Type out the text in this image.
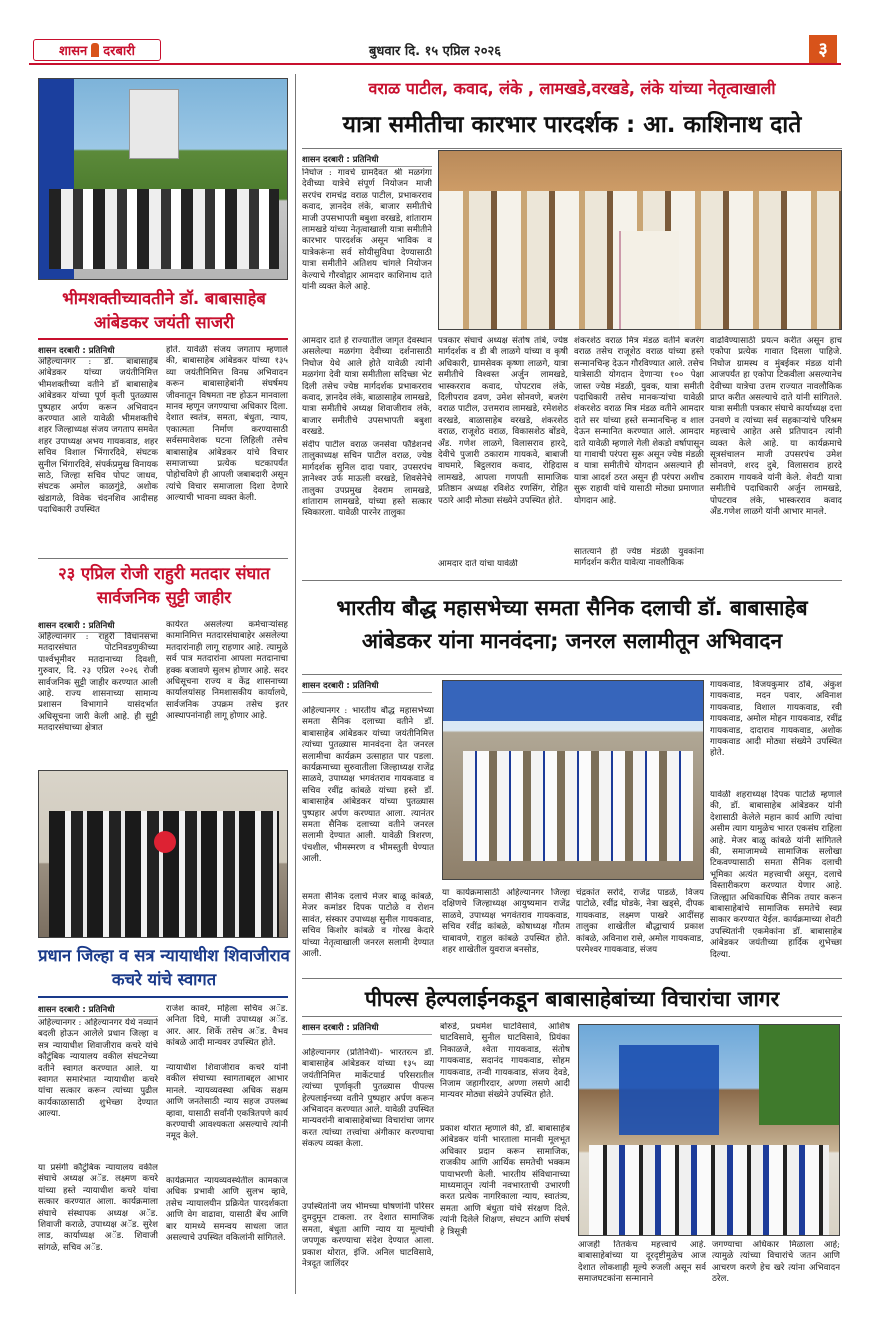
शासन दरबारी	बुधवार दि. १५ एप्रिल २०२६	३
भीमशक्तीच्यावतीने डॉ. बाबासाहेब आंबेडकर जयंती साजरी
शासन दरबारी : प्रतिनिधी
अहिल्यानगर : डॉ. बाबासाहेब आंबेडकर यांच्या जयंतीनिमित्त भीमशक्तीच्या वतीने डॉ बाबासाहेब आंबेडकर यांच्या पूर्ण कृती पुतळ्यास पुष्पहार अर्पण करून अभिवादन करण्यात आले यावेळी भीमशक्तीचे शहर जिल्हाध्यक्ष संजय जगताप समवेत शहर उपाध्यक्ष अभय गायकवाड, शहर सचिव विशाल भिंगारदिवे, संघटक सुनील भिंगारदिवे, संपर्कप्रमुख विनायक साठे, जिल्हा सचिव पोपट जाधव, संघटक अमोल काळगुंडे, अशोक खंडागळे, विवेक चंदनशिव आदीसह पदाधिकारी उपस्थित
होते. यावेळी संजय जगताप म्हणाले की, बाबासाहेब आंबेडकर यांच्या १३५ व्या जयंतीनिमित्त विनम्र अभिवादन करून बाबासाहेबांनी संघर्षमय जीवनातून विषमता नष्ट होऊन मानवाला मानव म्हणून जगण्याचा अधिकार दिला. देशात स्वतंत्र, समता, बंधुता, न्याय, एकात्मता निर्माण करण्यासाठी सर्वसमावेशक घटना लिहिली तसेच बाबासाहेब आंबेडकर यांचे विचार समाजाच्या प्रत्येक घटकापर्यंत पोहोचविणे ही आपली जबाबदारी असून त्यांचे विचार समाजाला दिशा देणारे आल्याची भावना व्यक्त केली.
२३ एप्रिल रोजी राहुरी मतदार संघात सार्वजनिक सुट्टी जाहीर
शासन दरबारी : प्रतिनिधी
अहिल्यानगर : राहुरी विधानसभा मतदारसंघात पोटनिवडणुकीच्या पार्श्वभूमीवर मतदानाच्या दिवशी, गुरुवार, दि. २३ एप्रिल २०२६ रोजी सार्वजनिक सुट्टी जाहीर करण्यात आली आहे. राज्य शासनाच्या सामान्य प्रशासन विभागाने यासंदर्भात अधिसूचना जारी केली आहे. ही सुट्टी मतदारसंघाच्या क्षेत्रात
कार्यरत असलेल्या कर्मचाऱ्यांसह कामानिमित्त मतदारसंघाबाहेर असलेल्या मतदारांनाही लागू राहणार आहे. त्यामुळे सर्व पात्र मतदारांना आपला मतदानाचा हक्क बजावणे सुलभ होणार आहे. सदर अधिसूचना राज्य व केंद्र शासनाच्या कार्यालयांसह निमशासकीय कार्यालये, सार्वजनिक उपक्रम तसेच इतर आस्थापनांनाही लागू होणार आहे.
प्रधान जिल्हा व सत्र न्यायाधीश शिवाजीराव कचरे यांचे स्वागत
शासन दरबारी : प्रतिनिधी
अहिल्यानगर : अहिल्यानगर येथे नव्याने बदली होऊन आलेले प्रधान जिल्हा व सत्र न्यायाधीश शिवाजीराव कचरे यांचे कौटुंबिक न्यायालय वकील संघटनेच्या वतीने स्वागत करण्यात आले. या स्वागत समारंभात न्यायाधीश कचरे यांचा सत्कार करून त्यांच्या पुढील कार्यकाळासाठी शुभेच्छा देण्यात आल्या.
या प्रसंगी कौटुंबिक न्यायालय वकील संघाचे अध्यक्ष अॅड. लक्ष्मण कचरे यांच्या हस्ते न्यायाधीश कचरे यांचा सत्कार करण्यात आला. कार्यक्रमाला संघाचे संस्थापक अध्यक्ष अॅड. शिवाजी कराळे, उपाध्यक्ष अॅड. सुरेश लाड, कार्याध्यक्ष अॅड. शिवाजी सांगळे, सचिव अॅड.
राजेश कावरे, महिला सचिव अॅड. अनिता दिघे, माजी उपाध्यक्ष अॅड. आर. आर. शिर्के तसेच अॅड. वैभव कांबळे आदी मान्यवर उपस्थित होते.
न्यायाधीश शिवाजीराव कचरे यांनी वकील संघाच्या स्वागताबद्दल आभार मानले. न्यायव्यवस्था अधिक सक्षम आणि जनतेसाठी न्याय सहज उपलब्ध व्हावा, यासाठी सर्वांनी एकत्रितपणे कार्य करण्याची आवश्यकता असल्याचे त्यांनी नमूद केले.
कार्यक्रमात न्यायव्यवस्थेतील कामकाज अधिक प्रभावी आणि सुलभ व्हावे, तसेच न्यायालयीन प्रक्रियेत पारदर्शकता आणि वेग वाढावा, यासाठी बेंच आणि बार यामध्ये समन्वय साधला जात असल्याचे उपस्थित वकिलांनी सांगितले.
वराळ पाटील, कवाद, लंके , लामखडे,वरखडे, लंके यांच्या नेतृत्वाखाली
यात्रा समीतीचा कारभार पारदर्शक : आ. काशिनाथ दाते
शासन दरबारी : प्रतिनिधी
निघोज : गावचे ग्रामदैवत श्री मळगंगा देवीच्या यात्रेचे संपूर्ण नियोजन माजी सरपंच रामचंद्र वराळ पाटील, प्रभाकरराव कवाद, ज्ञानदेव लंके, बाजार समीतीचे माजी उपसभापती बबुशा वरखडे, शांताराम लामखडे यांच्या नेतृत्वाखाली यात्रा समीतीने कारभार पारदर्शक असून भाविक व यात्रेकरूंना सर्व सोयीसुविधा देण्यासाठी यात्रा समीतीने अतिशय चांगले नियोजन केल्याचे गौरवोद्गार आमदार काशिनाथ दाते यांनी व्यक्त केले आहे.
आमदार दाते हे राज्यातील जागृत देवस्थान असलेल्या मळगंगा देवीच्या दर्शनासाठी निघोज येथे आले होते यावेळी त्यांनी मळगंगा देवी यात्रा समीतीला सदिच्छा भेट दिली तसेच ज्येष्ठ मार्गदर्शक प्रभाकरराव कवाद, ज्ञानदेव लंके, बाळासाहेब लामखडे, यात्रा समीतीचे अध्यक्ष शिवाजीराव लंके, बाजार समीतीचे उपसभापती बबुशा वरखडे.
संदीप पाटील वराळ जनसेवा फौंडेशनचे तालुकाध्यक्ष सचिन पाटील वराळ, ज्येष्ठ मार्गदर्शक सुनिल दादा पवार, उपसरपंच ज्ञानेश्वर उर्फ माऊली वरखडे, शिवसेनेचे तालुका उपप्रमुख देवराम लामखडे, शांताराम लामखडे, यांच्या हस्ते सत्कार स्विकारला. यावेळी पारनेर तालुका
पत्रकार संघाचे अध्यक्ष संतोष तांबे, ज्येष्ठ मार्गदर्शक व डी बी लाळगे यांच्या व कृषी अधिकारी, ग्रामसेवक कृष्णा लाळगे, यात्रा समीतीचे विश्वस्त अर्जुन लामखडे, भास्करराव कवाद, पोपटराव लंके, दिलीपराव ढवण, उमेश सोनवणे, बजरंग वराळ पाटील, उत्तमराव लामखडे, रमेशशेठ वरखडे, बाळासाहेब वरखडे, शंकरशेठ वराळ, राजूशेठ वराळ, विकासशेठ बोंडवे, अँड. गणेश लाळगे, विलासराव हारदे, देवीचे पुजारी ठकाराम गायकवे, बाबाजी वाघमारे, बिट्ठलराव कवाद, रोहिदास लामखडे, आपला गणपती सामाजिक प्रतिष्ठान अध्यक्ष रविशेठ रणसिंग, रोहित पठारे आदी मोठ्या संख्येने उपस्थित होते.
आमदार दाते यांचा यावेळी
शंकरशेठ वराळ मित्र मंडळ वतीने बजरंग वराळ तसेच राजूशेठ वराळ यांच्या हस्ते सन्मानचिन्ह देऊन गौरविण्यात आले. तसेच यात्रेसाठी योगदान देणाऱ्या १०० पेक्षा जास्त ज्येष्ठ मंडळी, युवक, यात्रा समीती पदाधिकारी तसेच मानकऱ्यांचा यावेळी शंकरशेठ वराळ मित्र मंडळ वतीने आमदार दाते सर यांच्या हस्ते सन्मानचिन्ह व शाल देऊन सन्मानित करण्यात आले. आमदार दाते यावेळी म्हणाले गेली शेकडो वर्षापासून या गावाची परंपरा सुरू असून ज्येष्ठ मंडळी व यात्रा समीतीचे योगदान असल्याने ही यात्रा आदर्श ठरत असून ही परंपरा अशीच सुरू राहावी यांचे यासाठी मोठ्या प्रमाणात योगदान आहे.
सातत्याने ही ज्येष्ठ मंडळी युवकांना मार्गदर्शन करीत यावेत्या नावलौकिक
वाढविण्यासाठी प्रयत्न करीत असून हाच एकोपा प्रत्येक गावात दिसला पाहिजे. निघोज ग्रामस्थ व मुंबईकर मंडळ यांनी आजपर्यंत हा एकोपा टिकवीला असल्यानेच देवीच्या यात्रेचा उत्तम राज्यात नावलौकिक प्राप्त करीत असल्याचे दाते यांनी सांगितले. यात्रा समीती पत्रकार संघाचे कार्याध्यक्ष दत्ता उनवणे व त्यांच्या सर्व सहकाऱ्यांचे परिश्रम महत्त्वाचे आहेत असे प्रतिपादन त्यांनी व्यक्त केले आहे. या कार्यक्रमाचे सूत्रसंचालन माजी उपसरपंच उमेश सोनवणे, शरद दुबे, विलासराव हारदे ठकाराम गायकवे यांनी केले. शेवटी यात्रा समीतीचे पदाधिकारी अर्जुन लामखडे, पोपटराव लंके, भास्करराव कवाद अँड.गणेश लाळगे यांनी आभार मानले.
भारतीय बौद्ध महासभेच्या समता सैनिक दलाची डॉ. बाबासाहेब आंबेडकर यांना मानवंदना; जनरल सलामीतून अभिवादन
शासन दरबारी : प्रतिनिधी
अहिल्यानगर : भारतीय बौद्ध महासभेच्या समता सैनिक दलाच्या वतीने डॉ. बाबासाहेब आंबेडकर यांच्या जयंतीनिमित्त त्यांच्या पुतळ्यास मानवंदना देत जनरल सलामीचा कार्यक्रम उत्साहात पार पडला. कार्यक्रमाच्या सुरुवातीला जिल्हाध्यक्ष राजेंद्र साळवे, उपाध्यक्ष भगवंतराव गायकवाड व सचिव रवींद्र कांबळे यांच्या हस्ते डॉ. बाबासाहेब आंबेडकर यांच्या पुतळ्यास पुष्पहार अर्पण करण्यात आला. त्यानंतर समता सैनिक दलाच्या वतीने जनरल सलामी देण्यात आली. यावेळी त्रिशरण, पंचशील, भीमस्मरण व भीमस्तुती घेण्यात आली.
समता सैनिक दलाचे मेजर बाळू कांबळे, मेजर कमांडर दिपक पाटोळे व रोशन सावंत, संस्कार उपाध्यक्ष सुनील गायकवाड, सचिव किशोर कांबळे व गोरख केदारे यांच्या नेतृत्वाखाली जनरल सलामी देण्यात आली.
या कार्यक्रमासाठी अहिल्यानगर जिल्हा दक्षिणचे जिल्हाध्यक्ष आयुष्यमान राजेंद्र साळवे, उपाध्यक्ष भगवंतराव गायकवाड, सचिव रवींद्र कांबळे, कोषाध्यक्ष गौतम चाबावणे, राहुल कांबळे उपस्थित होते. शहर शाखेतील युवराज बनसोड,
चंद्रकांत सरोदे, राजेंद्र पाडळे, विजय पाटोळे, रवींद्र घोडके, नेत्रा खड्से, दीपक गायकवाड, लक्ष्मण पाखरे आदींसह तालुका शाखेतील बौद्धाचार्य प्रकाश कांबळे, अविनाश रासे, अमोल गायकवाड, परमेश्वर गायकवाड, संजय
गायकवाड, विजयकुमार ठोंबे, अंकुश गायकवाड, मदन पवार, अविनाश गायकवाड, विशाल गायकवाड, रवी गायकवाड, अमोल मोहन गायकवाड, रवींद्र गायकवाड, दादाराव गायकवाड, अशोक गायकवाड आदी मोठ्या संख्येने उपस्थित होते.
यावेळी शहराध्यक्ष दिपक पाटोळे म्हणाले की, डॉ. बाबासाहेब आंबेडकर यांनी देशासाठी केलेले महान कार्य आणि त्यांचा असीम त्याग यामुळेच भारत एकसंघ राहिला आहे. मेजर बाळू कांबळे यांनी सांगितले की, समाजामध्ये सामाजिक सलोखा टिकवण्यासाठी समता सैनिक दलाची भूमिका अत्यंत महत्त्वाची असून, दलाचे विस्तारीकरण करण्यात येणार आहे. जिल्ह्यात अधिकाधिक सैनिक तयार करून बाबासाहेबांचे सामाजिक समतेचे स्वप्न साकार करण्यात येईल. कार्यक्रमाच्या शेवटी उपस्थितांनी एकमेकांना डॉ. बाबासाहेब आंबेडकर जयंतीच्या हार्दिक शुभेच्छा दिल्या.
पीपल्स हेल्पलाईनकडून बाबासाहेबांच्या विचारांचा जागर
शासन दरबारी : प्रतिनिधी
अहिल्यानगर (प्रतिनिधी)- भारतरत्न डॉ. बाबासाहेब आंबेडकर यांच्या १३५ व्या जयंतीनिमित्त मार्केटयार्ड परिसरातील त्यांच्या पूर्णाकृती पुतळ्यास पीपल्स हेल्पलाईनच्या वतीने पुष्पहार अर्पण करून अभिवादन करण्यात आले. यावेळी उपस्थित मान्यवरांनी बाबासाहेबांच्या विचारांचा जागर करत त्यांच्या तत्त्वांचा अंगीकार करण्याचा संकल्प व्यक्त केला.
उपस्थितांनी जय भीमच्या घोषणांनी परिसर दुमदुमून टाकला. तर देशात सामाजिक समता, बंधुता आणि न्याय या मूल्यांची जपणूक करण्याचा संदेश देण्यात आला. प्रकाश थोरात, इंजि. अनिल घाटविसावे, नेत्रदूत जालिंदर
बोरुडे, प्रथमेश घाटविसावे, आशिष घाटविसावे, सुनील घाटविसावे, प्रियंका निकाळजे, श्वेता गायकवाड, संतोष गायकवाड, सदानंद गायकवाड, सोहम गायकवाड, तन्वी गायकवाड, संजय देवडे, निजाम जहागीरदार, अण्णा लसणे आदी मान्यवर मोठ्या संख्येने उपस्थित होते.
प्रकाश थोरात म्हणाले की, डॉ. बाबासाहेब आंबेडकर यांनी भारताला मानवी मूलभूत अधिकार प्रदान करून सामाजिक, राजकीय आणि आर्थिक समतेची भक्कम पायाभरणी केली. भारतीय संविधानाच्या माध्यमातून त्यांनी नवभारताची उभारणी करत प्रत्येक नागरिकाला न्याय, स्वातंत्र्य, समता आणि बंधुता यांचे संरक्षण दिले. त्यांनी दिलेले शिक्षण, संघटन आणि संघर्ष हे त्रिसूत्री
आजही तितकेच महत्त्वाचे आहे. बाबासाहेबांच्या या दूरदृष्टीमुळेच आज देशात लोकशाही मूल्ये रुजली असून सर्व समाजघटकांना सन्मानाने
जगण्याचा अधिकार मिळाला आहे; त्यामुळे त्यांच्या विचारांचे जतन आणि आचरण करणे हेच खरे त्यांना अभिवादन ठरेल.
